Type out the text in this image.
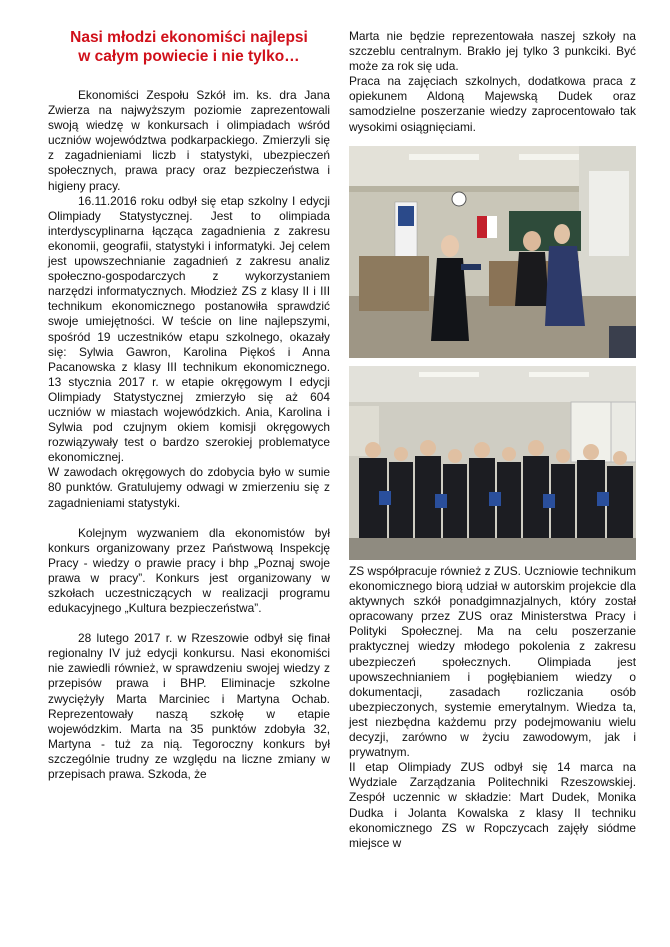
Nasi młodzi ekonomiści najlepsi
w całym powiecie i nie tylko…

Ekonomiści Zespołu Szkół im. ks. dra Jana Zwierza na najwyższym poziomie zaprezentowali swoją wiedzę w konkursach i olimpiadach wśród uczniów województwa podkarpackiego. Zmierzyli się z zagadnieniami liczb i statystyki, ubezpieczeń społecznych, prawa pracy oraz bezpieczeństwa i higieny pracy.

16.11.2016 roku odbył się etap szkolny I edycji Olimpiady Statystycznej. Jest to olimpiada interdyscyplinarna łącząca zagadnienia z zakresu ekonomii, geografii, statystyki i informatyki. Jej celem jest upowszechnianie zagadnień z zakresu analiz społeczno-gospodarczych z wykorzystaniem narzędzi informatycznych. Młodzież ZS z klasy II i III technikum ekonomicznego postanowiła sprawdzić swoje umiejętności. W teście on line najlepszymi, spośród 19 uczestników etapu szkolnego, okazały się: Sylwia Gawron, Karolina Piękoś i Anna Pacanowska z klasy III technikum ekonomicznego. 13 stycznia 2017 r. w etapie okręgowym I edycji Olimpiady Statystycznej zmierzyło się aż 604 uczniów w miastach wojewódzkich. Ania, Karolina i Sylwia pod czujnym okiem komisji okręgowych rozwiązywały test o bardzo szerokiej problematyce ekonomicznej.

W zawodach okręgowych do zdobycia było w sumie 80 punktów. Gratulujemy odwagi w zmierzeniu się z zagadnieniami statystyki.

Kolejnym wyzwaniem dla ekonomistów był konkurs organizowany przez Państwową Inspekcję Pracy - wiedzy o prawie pracy i bhp „Poznaj swoje prawa w pracy”. Konkurs jest organizowany w szkołach uczestniczących w realizacji programu edukacyjnego „Kultura bezpieczeństwa”.

28 lutego 2017 r. w Rzeszowie odbył się finał regionalny IV już edycji konkursu. Nasi ekonomiści nie zawiedli również, w sprawdzeniu swojej wiedzy z przepisów prawa i BHP. Eliminacje szkolne zwyciężyły Marta Marciniec i Martyna Ochab. Reprezentowały naszą szkołę w etapie wojewódzkim. Marta na 35 punktów zdobyła 32, Martyna - tuż za nią. Tegoroczny konkurs był szczególnie trudny ze względu na liczne zmiany w przepisach prawa. Szkoda, że

Marta nie będzie reprezentowała naszej szkoły na szczeblu centralnym. Brakło jej tylko 3 punkciki. Być może za rok się uda.

Praca na zajęciach szkolnych, dodatkowa praca z opiekunem Aldoną Majewską Dudek oraz samodzielne poszerzanie wiedzy zaprocentowało tak wysokimi osiągnięciami.

ZS współpracuje również z ZUS. Uczniowie technikum ekonomicznego biorą udział w autorskim projekcie dla aktywnych szkół ponadgimnazjalnych, który został opracowany przez ZUS oraz Ministerstwa Pracy i Polityki Społecznej. Ma na celu poszerzanie praktycznej wiedzy młodego pokolenia z zakresu ubezpieczeń społecznych. Olimpiada jest upowszechnianiem i pogłębianiem wiedzy o dokumentacji, zasadach rozliczania osób ubezpieczonych, systemie emerytalnym. Wiedza ta, jest niezbędna każdemu przy podejmowaniu wielu decyzji, zarówno w życiu zawodowym, jak i prywatnym.

II etap Olimpiady ZUS odbył się 14 marca na Wydziale Zarządzania Politechniki Rzeszowskiej. Zespół uczennic w składzie: Mart Dudek, Monika Dudka i Jolanta Kowalska z klasy II techniku ekonomicznego ZS w Ropczycach zajęły siódme miejsce w
